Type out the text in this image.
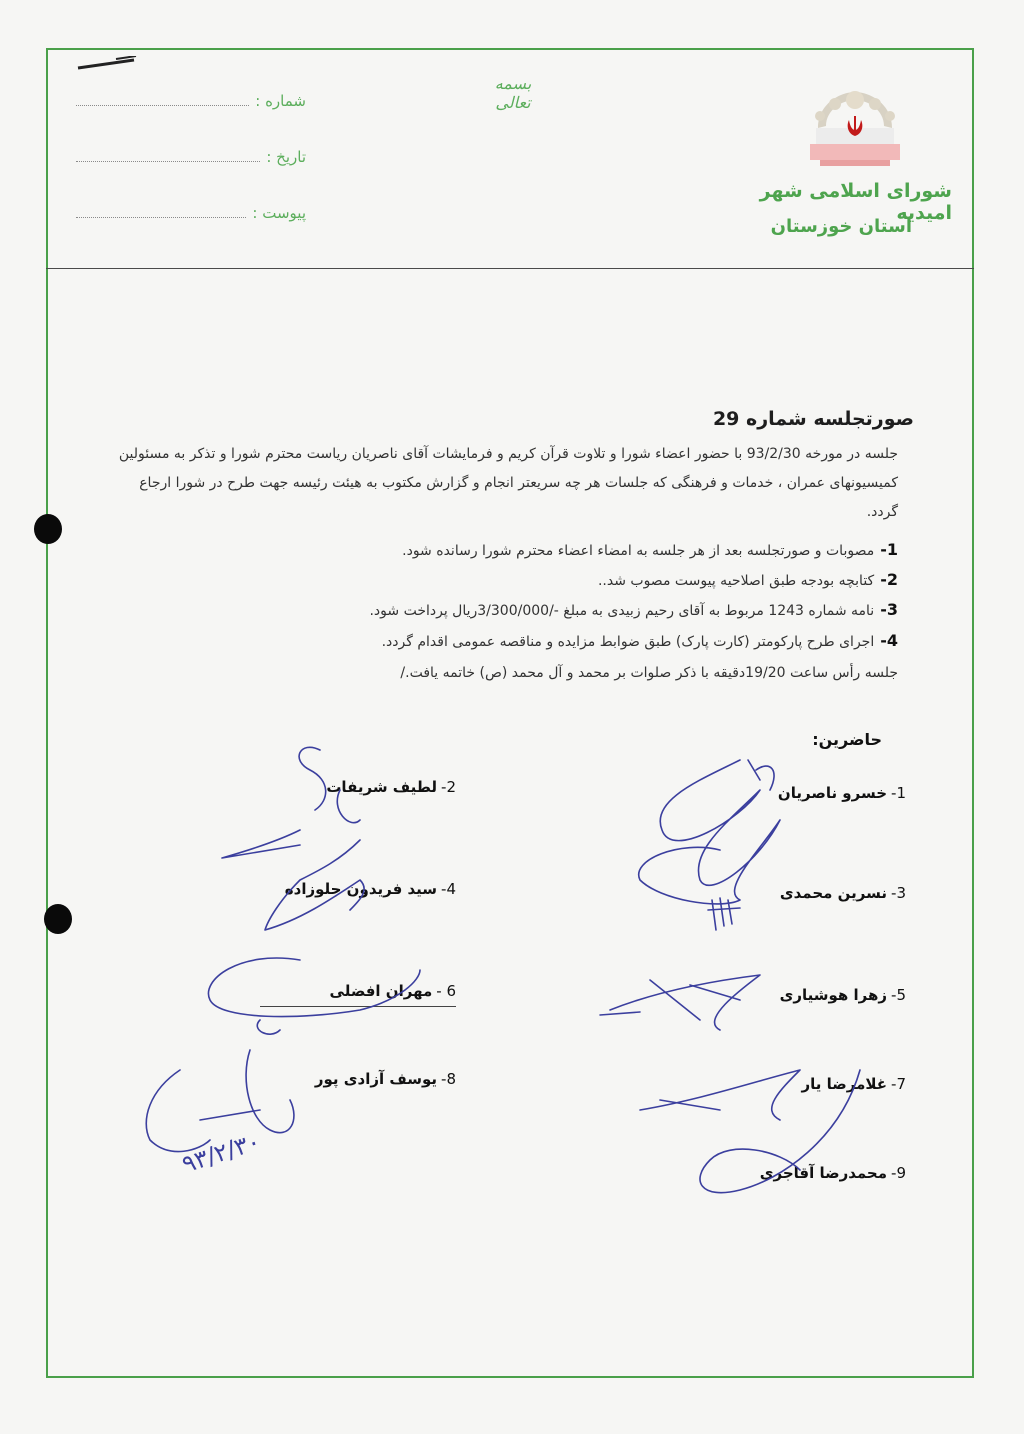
بسمه تعالی
شماره :
تاریخ :
پیوست :
شورای اسلامی شهر امیدیه
استان خوزستان
صورتجلسه شماره 29
جلسه در مورخه 93/2/30 با حضور اعضاء شورا و تلاوت قرآن کریم و فرمایشات آقای ناصریان ریاست محترم شورا و تذکر به مسئولین کمیسیونهای عمران ، خدمات و فرهنگی که جلسات هر چه سریعتر انجام و گزارش مکتوب به هیئت رئیسه جهت طرح در شورا ارجاع گردد.
1-مصوبات و صورتجلسه بعد از هر جلسه به امضاء اعضاء محترم شورا رسانده شود.
2-کتابچه بودجه طبق اصلاحیه پیوست مصوب شد..
3-نامه شماره 1243 مربوط به آقای رحیم زبیدی به مبلغ -/3/300/000ریال پرداخت شود.
4-اجرای طرح پارکومتر (کارت پارک) طبق ضوابط مزایده و مناقصه عمومی اقدام گردد.
جلسه رأس ساعت 19/20دقیقه با ذکر صلوات بر محمد و آل محمد (ص) خاتمه یافت./
حاضرین:
1-خسرو ناصریان
3-نسرین محمدی
5-زهرا هوشیاری
7-غلامرضا یار
9-محمدرضا آقاجری
2-لطیف شریفات
4-سید فریدون جلوزاده
6 -مهران افضلی
8-یوسف آزادی پور
۹۳/۲/۳۰
